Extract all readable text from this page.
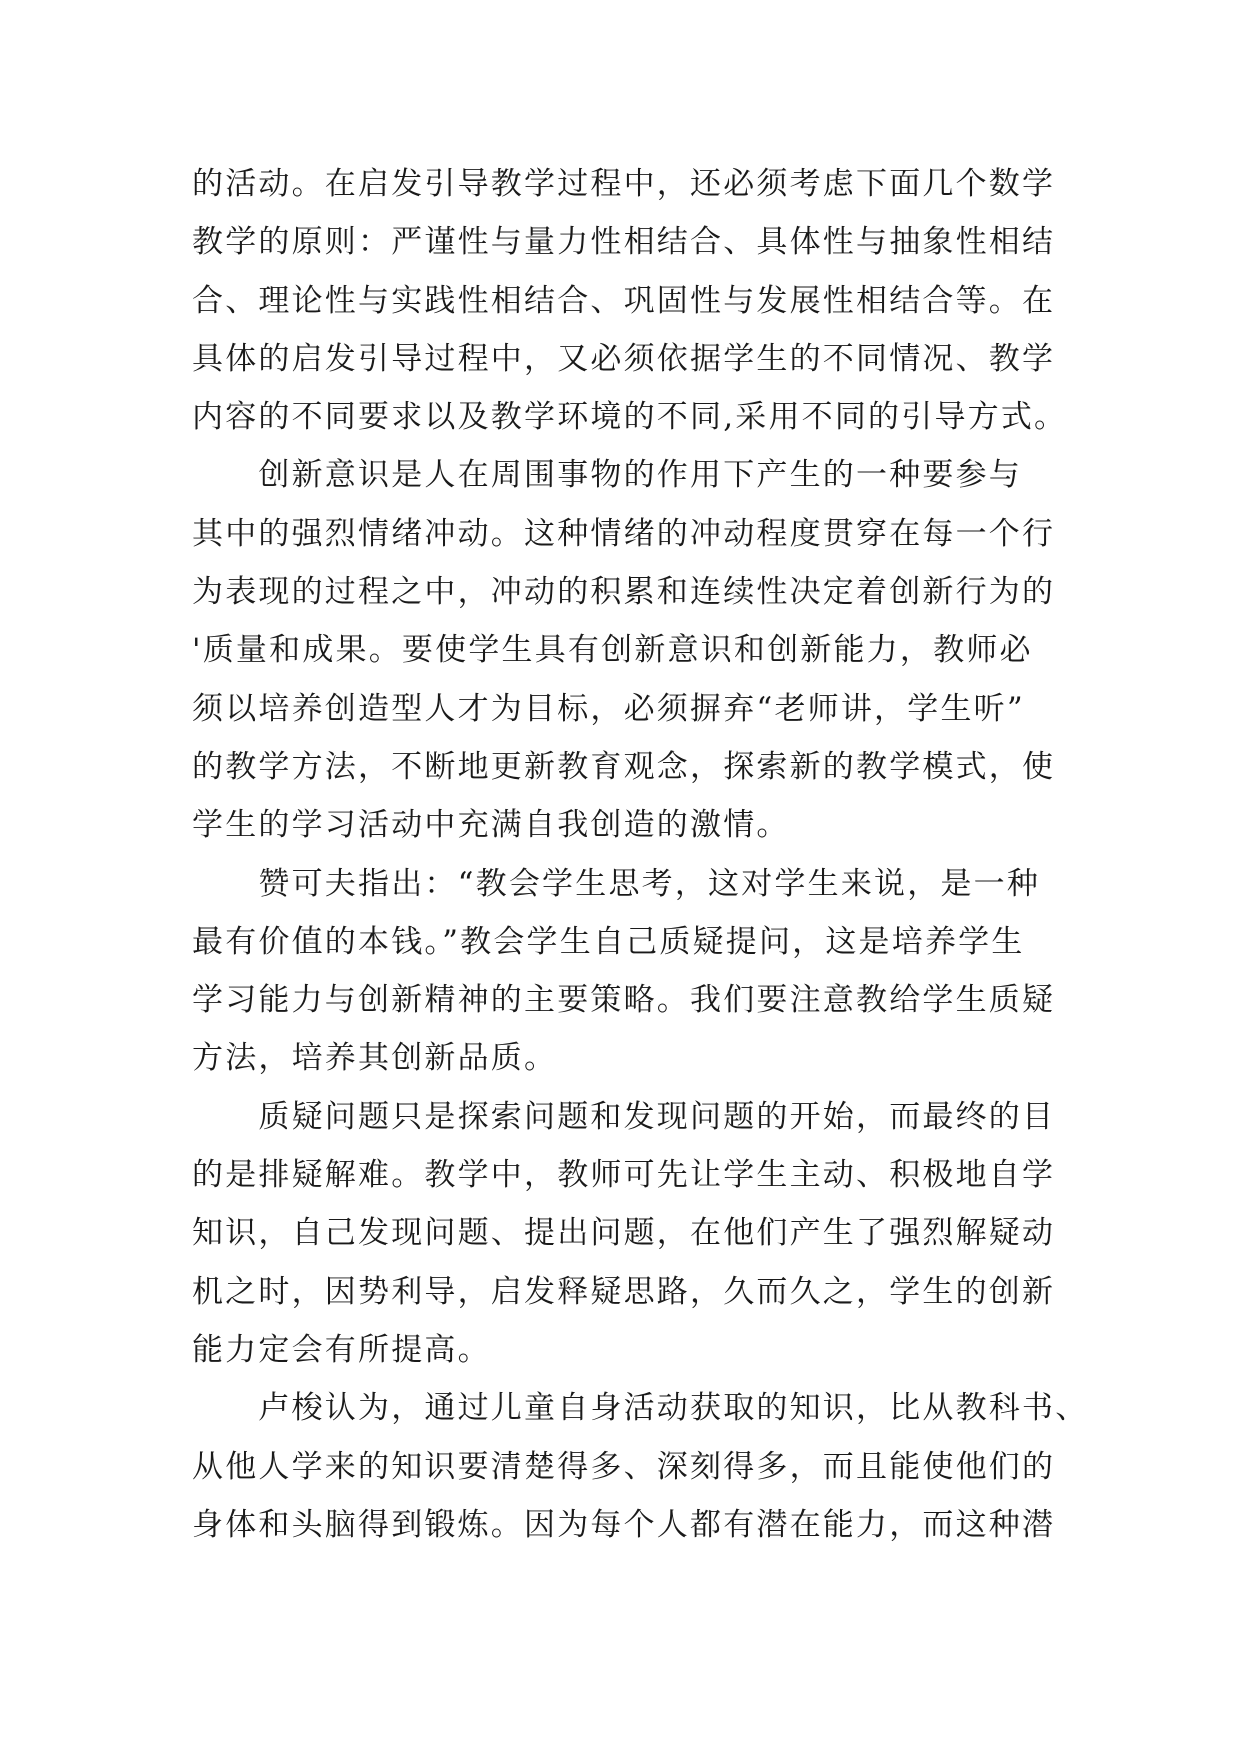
的活动。在启发引导教学过程中，还必须考虑下面几个数学
教学的原则：严谨性与量力性相结合、具体性与抽象性相结
合、理论性与实践性相结合、巩固性与发展性相结合等。在
具体的启发引导过程中，又必须依据学生的不同情况、教学
内容的不同要求以及教学环境的不同,采用不同的引导方式。
　　创新意识是人在周围事物的作用下产生的一种要参与
其中的强烈情绪冲动。这种情绪的冲动程度贯穿在每一个行
为表现的过程之中，冲动的积累和连续性决定着创新行为的
'质量和成果。要使学生具有创新意识和创新能力，教师必
须以培养创造型人才为目标，必须摒弃“老师讲，学生听”
的教学方法，不断地更新教育观念，探索新的教学模式，使
学生的学习活动中充满自我创造的激情。
　　赞可夫指出：“教会学生思考，这对学生来说，是一种
最有价值的本钱。”教会学生自己质疑提问，这是培养学生
学习能力与创新精神的主要策略。我们要注意教给学生质疑
方法，培养其创新品质。
　　质疑问题只是探索问题和发现问题的开始，而最终的目
的是排疑解难。教学中，教师可先让学生主动、积极地自学
知识，自己发现问题、提出问题，在他们产生了强烈解疑动
机之时，因势利导，启发释疑思路，久而久之，学生的创新
能力定会有所提高。
　　卢梭认为，通过儿童自身活动获取的知识，比从教科书、
从他人学来的知识要清楚得多、深刻得多，而且能使他们的
身体和头脑得到锻炼。因为每个人都有潜在能力，而这种潜
